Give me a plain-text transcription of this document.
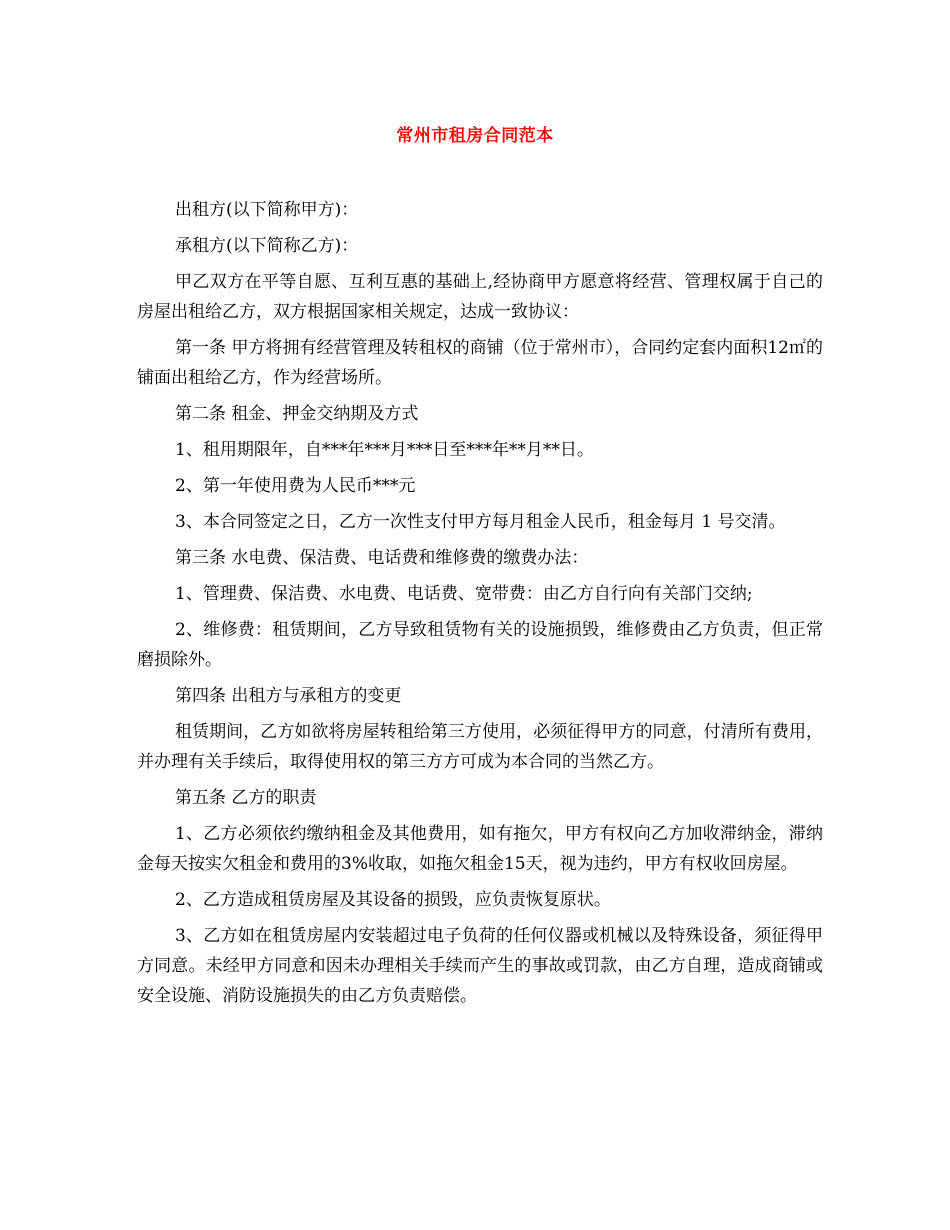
常州市租房合同范本

出租方(以下简称甲方)：

承租方(以下简称乙方)：

甲乙双方在平等自愿、互利互惠的基础上,经协商甲方愿意将经营、管理权属于自己的房屋出租给乙方，双方根据国家相关规定，达成一致协议：

第一条 甲方将拥有经营管理及转租权的商铺（位于常州市），合同约定套内面积12㎡的铺面出租给乙方，作为经营场所。

第二条 租金、押金交纳期及方式

1、租用期限年，自***年***月***日至***年**月**日。

2、第一年使用费为人民币***元

3、本合同签定之日，乙方一次性支付甲方每月租金人民币，租金每月 1 号交清。

第三条 水电费、保洁费、电话费和维修费的缴费办法：

1、管理费、保洁费、水电费、电话费、宽带费：由乙方自行向有关部门交纳;

2、维修费：租赁期间，乙方导致租赁物有关的设施损毁，维修费由乙方负责，但正常磨损除外。

第四条 出租方与承租方的变更

租赁期间，乙方如欲将房屋转租给第三方使用，必须征得甲方的同意，付清所有费用，并办理有关手续后，取得使用权的第三方方可成为本合同的当然乙方。

第五条 乙方的职责

1、乙方必须依约缴纳租金及其他费用，如有拖欠，甲方有权向乙方加收滞纳金，滞纳金每天按实欠租金和费用的3%收取，如拖欠租金15天，视为违约，甲方有权收回房屋。

2、乙方造成租赁房屋及其设备的损毁，应负责恢复原状。

3、乙方如在租赁房屋内安装超过电子负荷的任何仪器或机械以及特殊设备，须征得甲方同意。未经甲方同意和因未办理相关手续而产生的事故或罚款，由乙方自理，造成商铺或安全设施、消防设施损失的由乙方负责赔偿。
